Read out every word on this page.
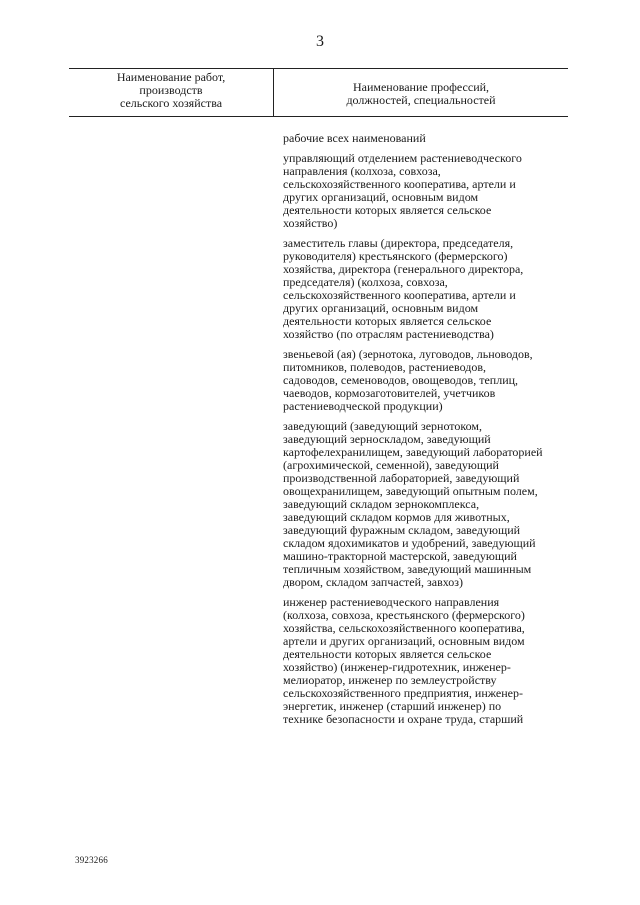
3
Наименование работ,
производств
сельского хозяйства
Наименование профессий,
должностей, специальностей
рабочие всех наименований
управляющий отделением растениеводческого
направления (колхоза, совхоза,
сельскохозяйственного кооператива, артели и
других организаций, основным видом
деятельности которых является сельское
хозяйство)
заместитель главы (директора, председателя,
руководителя) крестьянского (фермерского)
хозяйства, директора (генерального директора,
председателя) (колхоза, совхоза,
сельскохозяйственного кооператива, артели и
других организаций, основным видом
деятельности которых является сельское
хозяйство (по отраслям растениеводства)
звеньевой (ая) (зернотока, луговодов, льноводов,
питомников, полеводов, растениеводов,
садоводов, семеноводов, овощеводов, теплиц,
чаеводов, кормозаготовителей, учетчиков
растениеводческой продукции)
заведующий (заведующий зернотоком,
заведующий зерноскладом, заведующий
картофелехранилищем, заведующий лабораторией
(агрохимической, семенной), заведующий
производственной лабораторией, заведующий
овощехранилищем, заведующий опытным полем,
заведующий складом зернокомплекса,
заведующий складом кормов для животных,
заведующий фуражным складом, заведующий
складом ядохимикатов и удобрений, заведующий
машино-тракторной мастерской, заведующий
тепличным хозяйством, заведующий машинным
двором, складом запчастей, завхоз)
инженер растениеводческого направления
(колхоза, совхоза, крестьянского (фермерского)
хозяйства, сельскохозяйственного кооператива,
артели и других организаций, основным видом
деятельности которых является сельское
хозяйство) (инженер-гидротехник, инженер-
мелиоратор, инженер по землеустройству
сельскохозяйственного предприятия, инженер-
энергетик, инженер (старший инженер) по
технике безопасности и охране труда, старший
3923266
